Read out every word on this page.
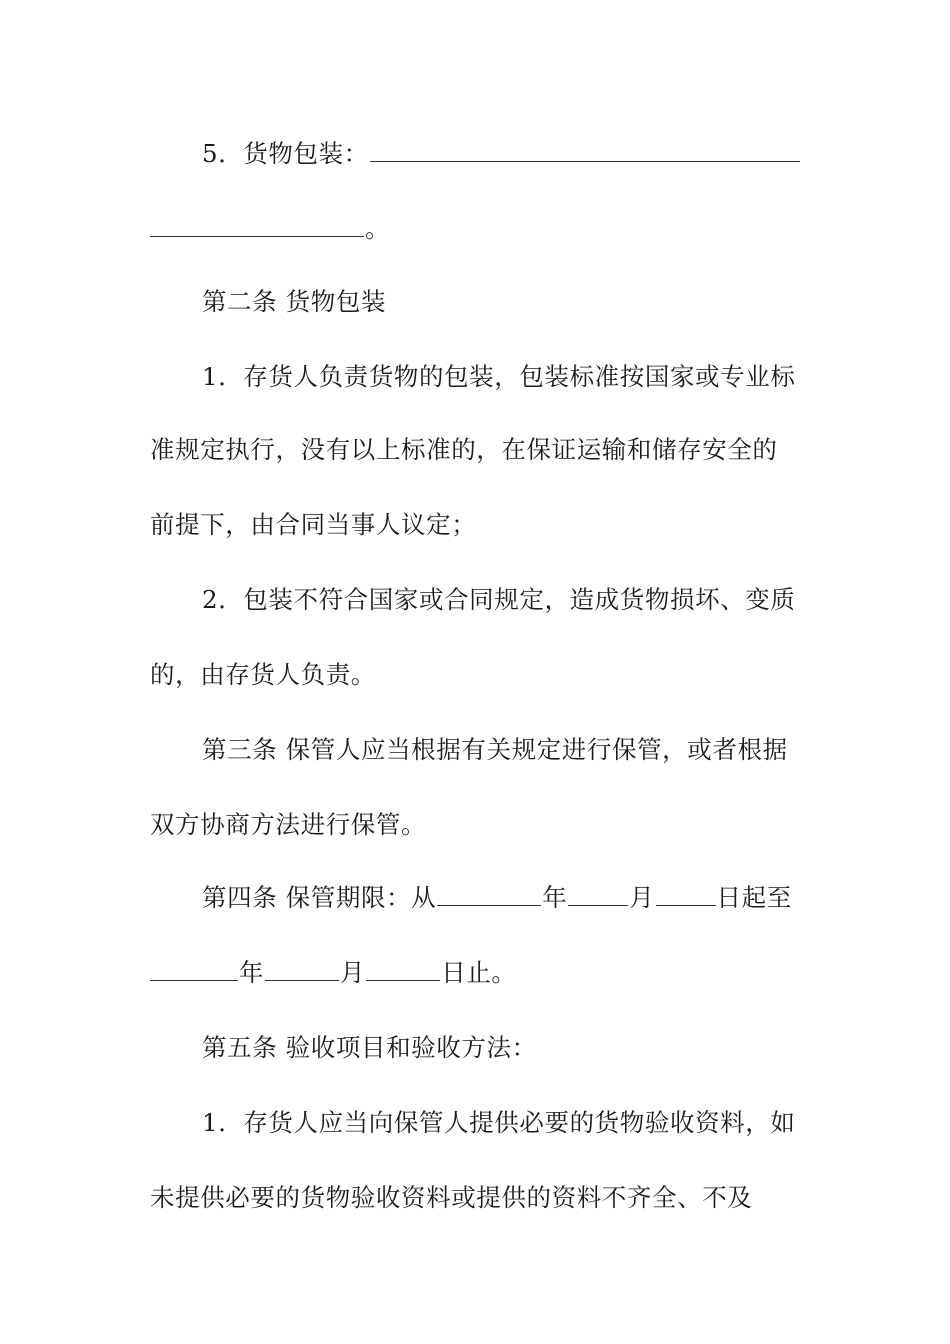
5．货物包装：
。
第二条 货物包装
1．存货人负责货物的包装，包装标准按国家或专业标
准规定执行，没有以上标准的，在保证运输和储存安全的
前提下，由合同当事人议定；
2．包装不符合国家或合同规定，造成货物损坏、变质
的，由存货人负责。
第三条 保管人应当根据有关规定进行保管，或者根据
双方协商方法进行保管。
第四条 保管期限：从	年	月	日起至
年	月	日止。
第五条 验收项目和验收方法：
1．存货人应当向保管人提供必要的货物验收资料，如
未提供必要的货物验收资料或提供的资料不齐全、不及
